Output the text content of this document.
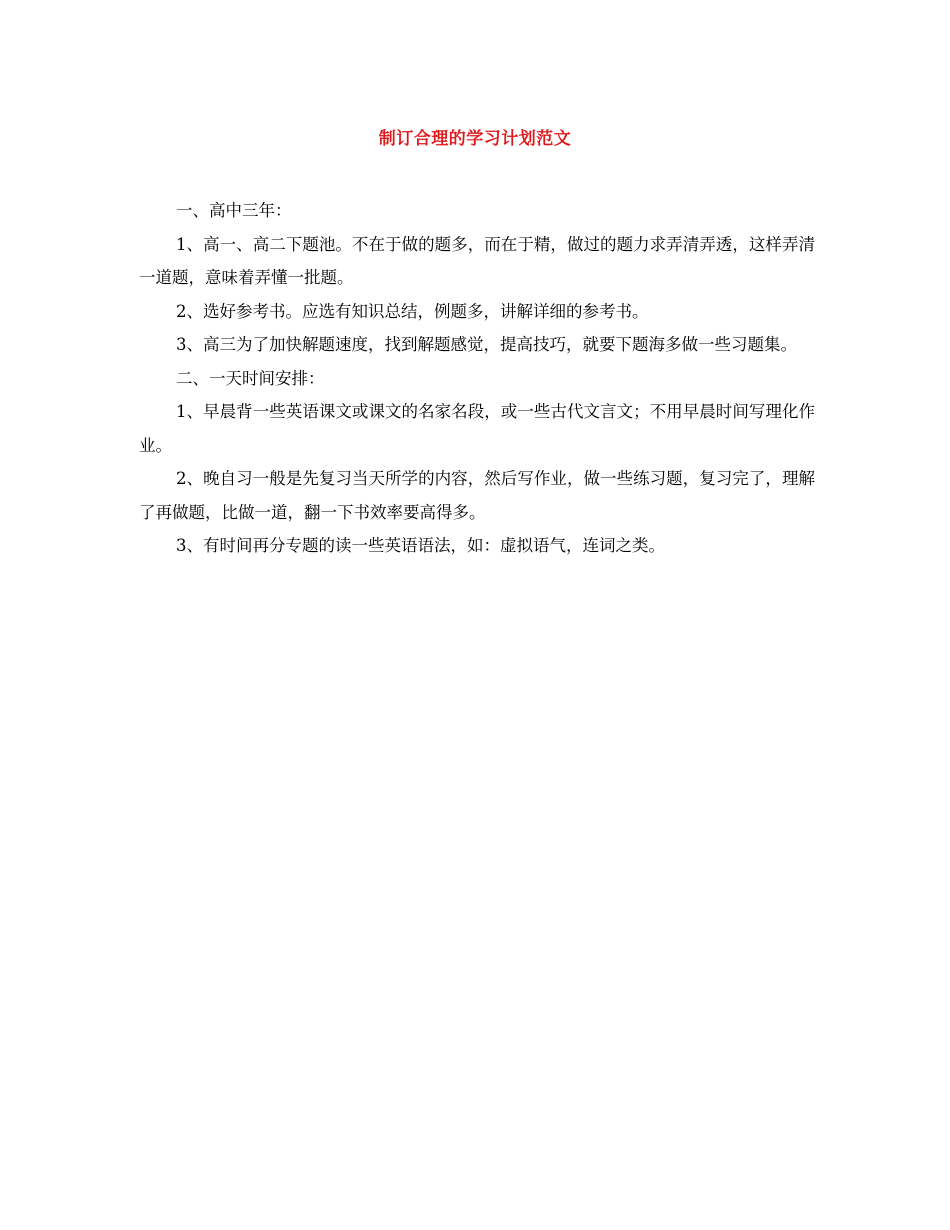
制订合理的学习计划范文

一、高中三年：

1、高一、高二下题池。不在于做的题多，而在于精，做过的题力求弄清弄透，这样弄清一道题，意味着弄懂一批题。

2、选好参考书。应选有知识总结，例题多，讲解详细的参考书。

3、高三为了加快解题速度，找到解题感觉，提高技巧，就要下题海多做一些习题集。

二、一天时间安排：

1、早晨背一些英语课文或课文的名家名段，或一些古代文言文；不用早晨时间写理化作业。

2、晚自习一般是先复习当天所学的内容，然后写作业，做一些练习题，复习完了，理解了再做题，比做一道，翻一下书效率要高得多。

3、有时间再分专题的读一些英语语法，如：虚拟语气，连词之类。
